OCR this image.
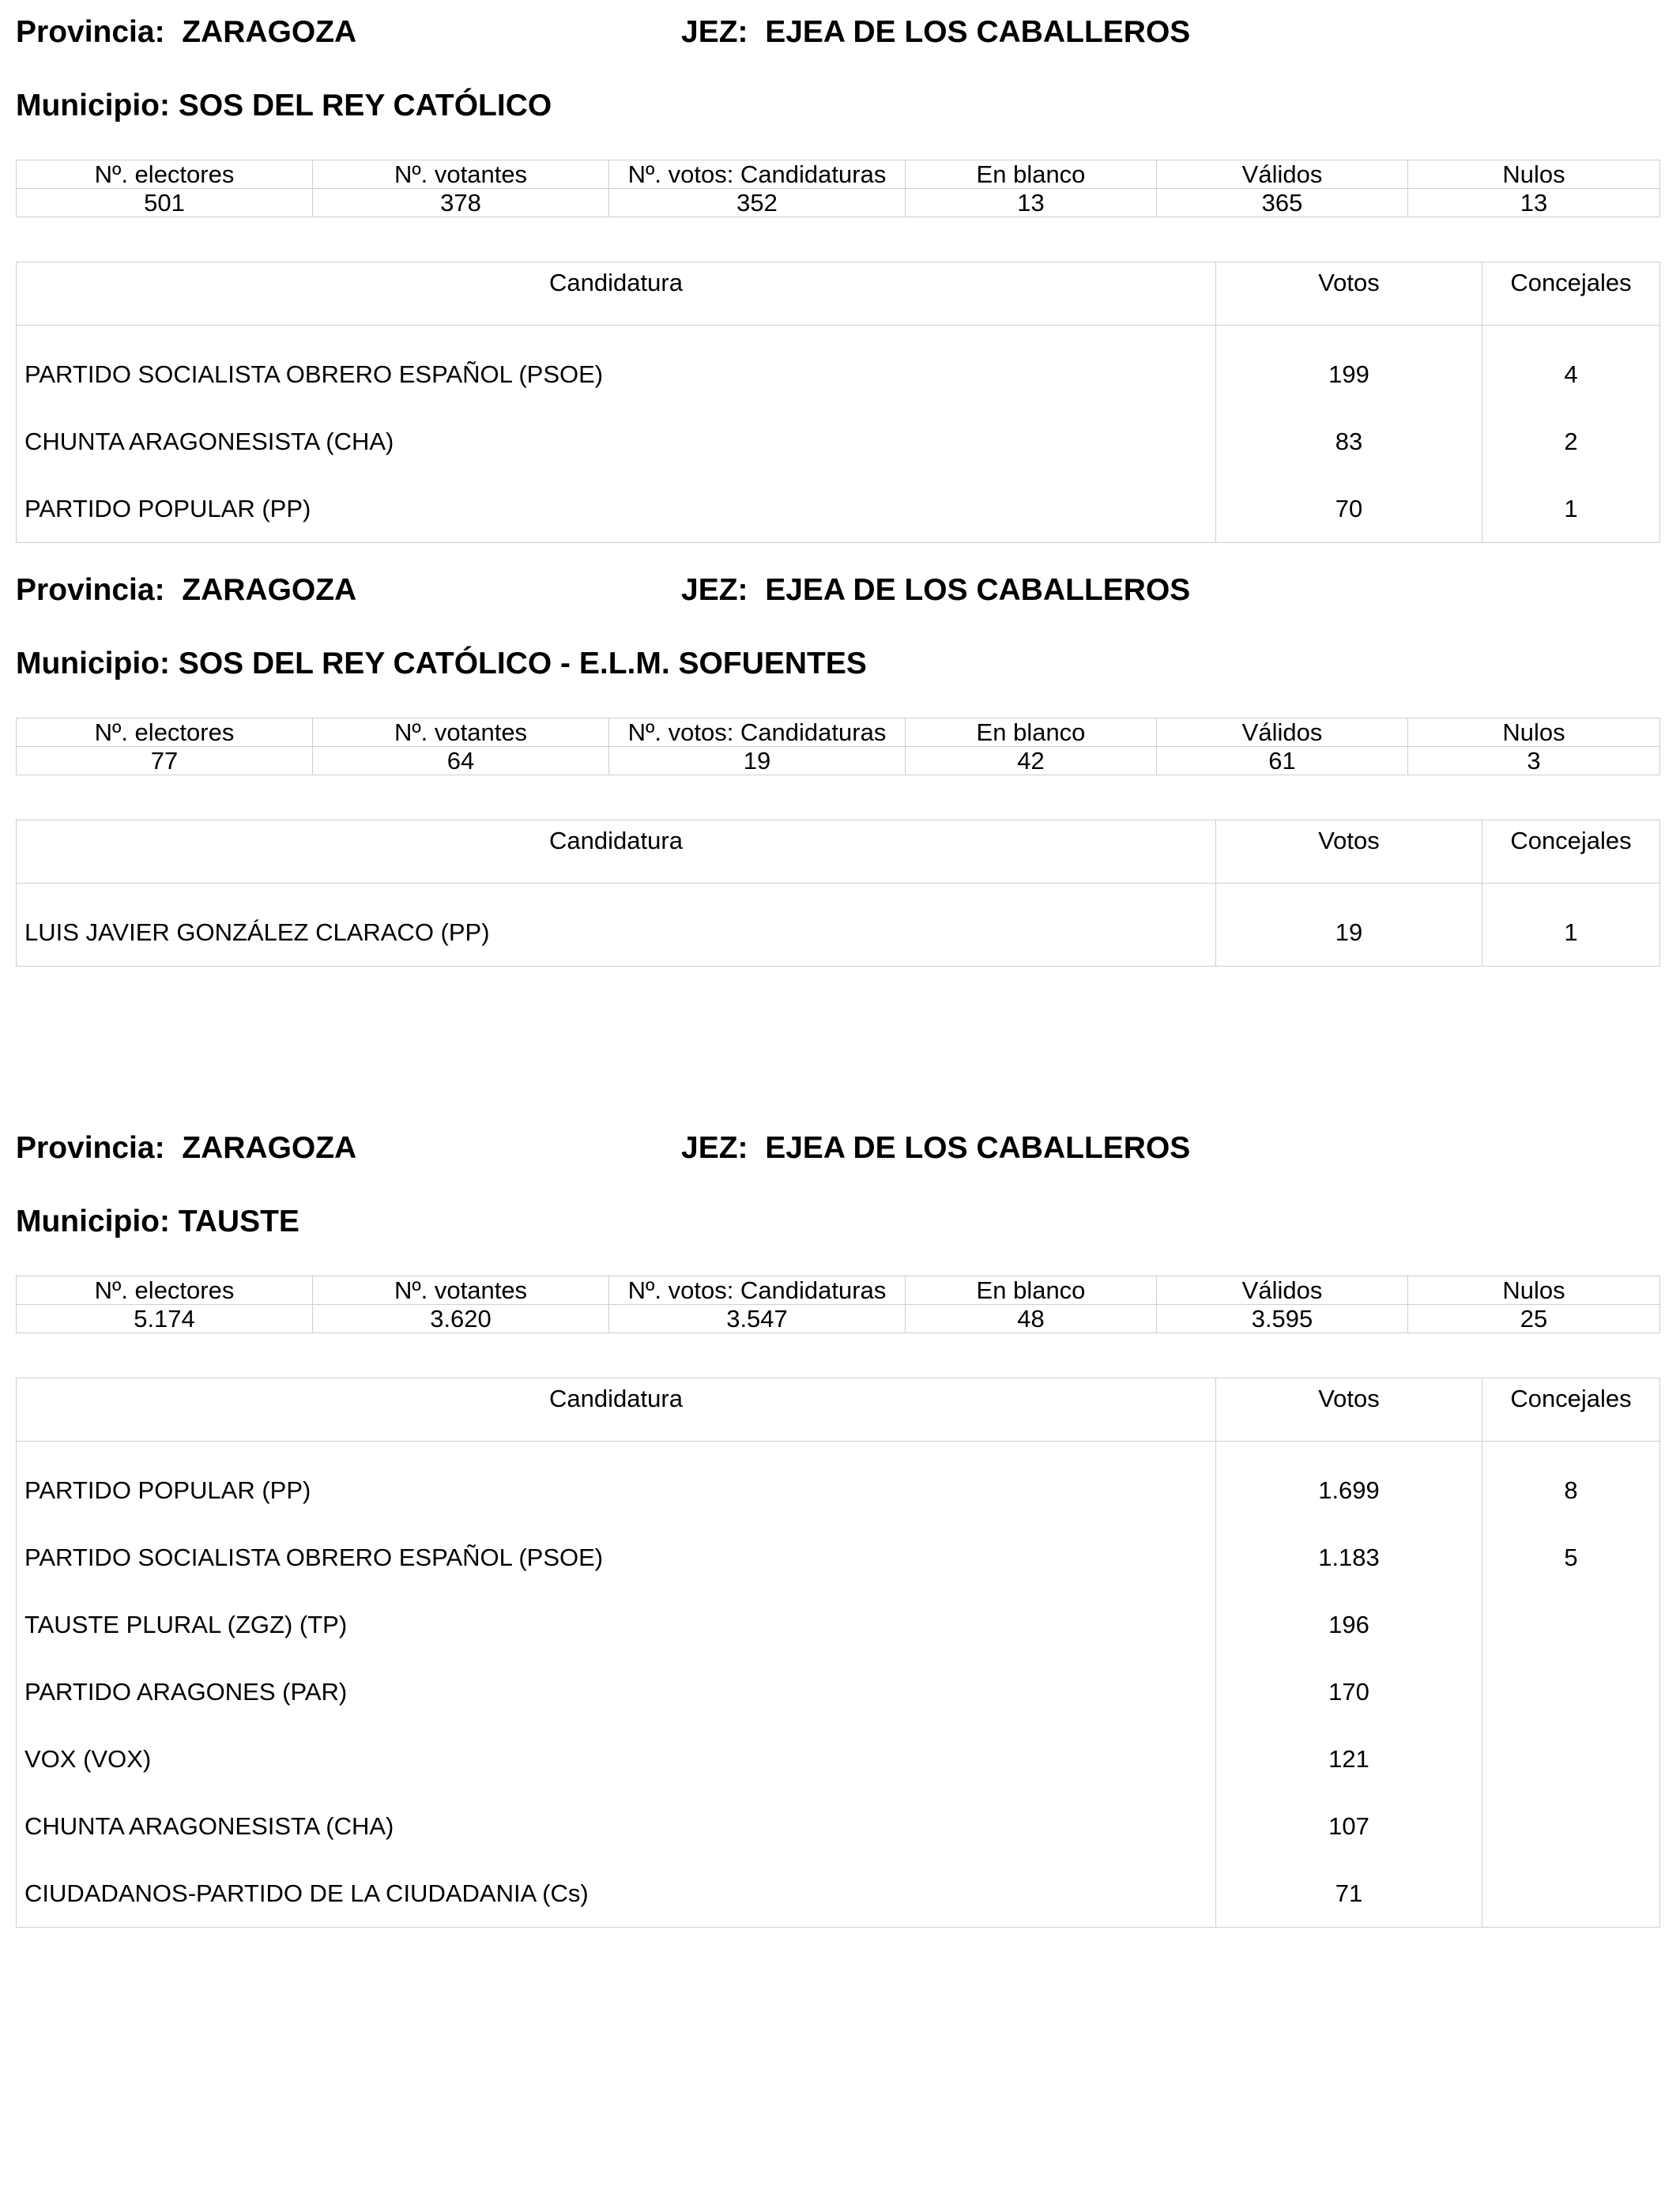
Provincia: ZARAGOZA	JEZ: EJEA DE LOS CABALLEROS
Municipio: SOS DEL REY CATÓLICO
Nº. electores	Nº. votantes	Nº. votos: Candidaturas	En blanco	Válidos	Nulos
501	378	352	13	365	13
Candidatura	Votos	Concejales
PARTIDO SOCIALISTA OBRERO ESPAÑOL (PSOE)	199	4
CHUNTA ARAGONESISTA (CHA)	83	2
PARTIDO POPULAR (PP)	70	1
Provincia: ZARAGOZA	JEZ: EJEA DE LOS CABALLEROS
Municipio: SOS DEL REY CATÓLICO - E.L.M. SOFUENTES
Nº. electores	Nº. votantes	Nº. votos: Candidaturas	En blanco	Válidos	Nulos
77	64	19	42	61	3
Candidatura	Votos	Concejales
LUIS JAVIER GONZÁLEZ CLARACO (PP)	19	1
Provincia: ZARAGOZA	JEZ: EJEA DE LOS CABALLEROS
Municipio: TAUSTE
Nº. electores	Nº. votantes	Nº. votos: Candidaturas	En blanco	Válidos	Nulos
5.174	3.620	3.547	48	3.595	25
Candidatura	Votos	Concejales
PARTIDO POPULAR (PP)	1.699	8
PARTIDO SOCIALISTA OBRERO ESPAÑOL (PSOE)	1.183	5
TAUSTE PLURAL (ZGZ) (TP)	196	
PARTIDO ARAGONES (PAR)	170	
VOX (VOX)	121	
CHUNTA ARAGONESISTA (CHA)	107	
CIUDADANOS-PARTIDO DE LA CIUDADANIA (Cs)	71	
